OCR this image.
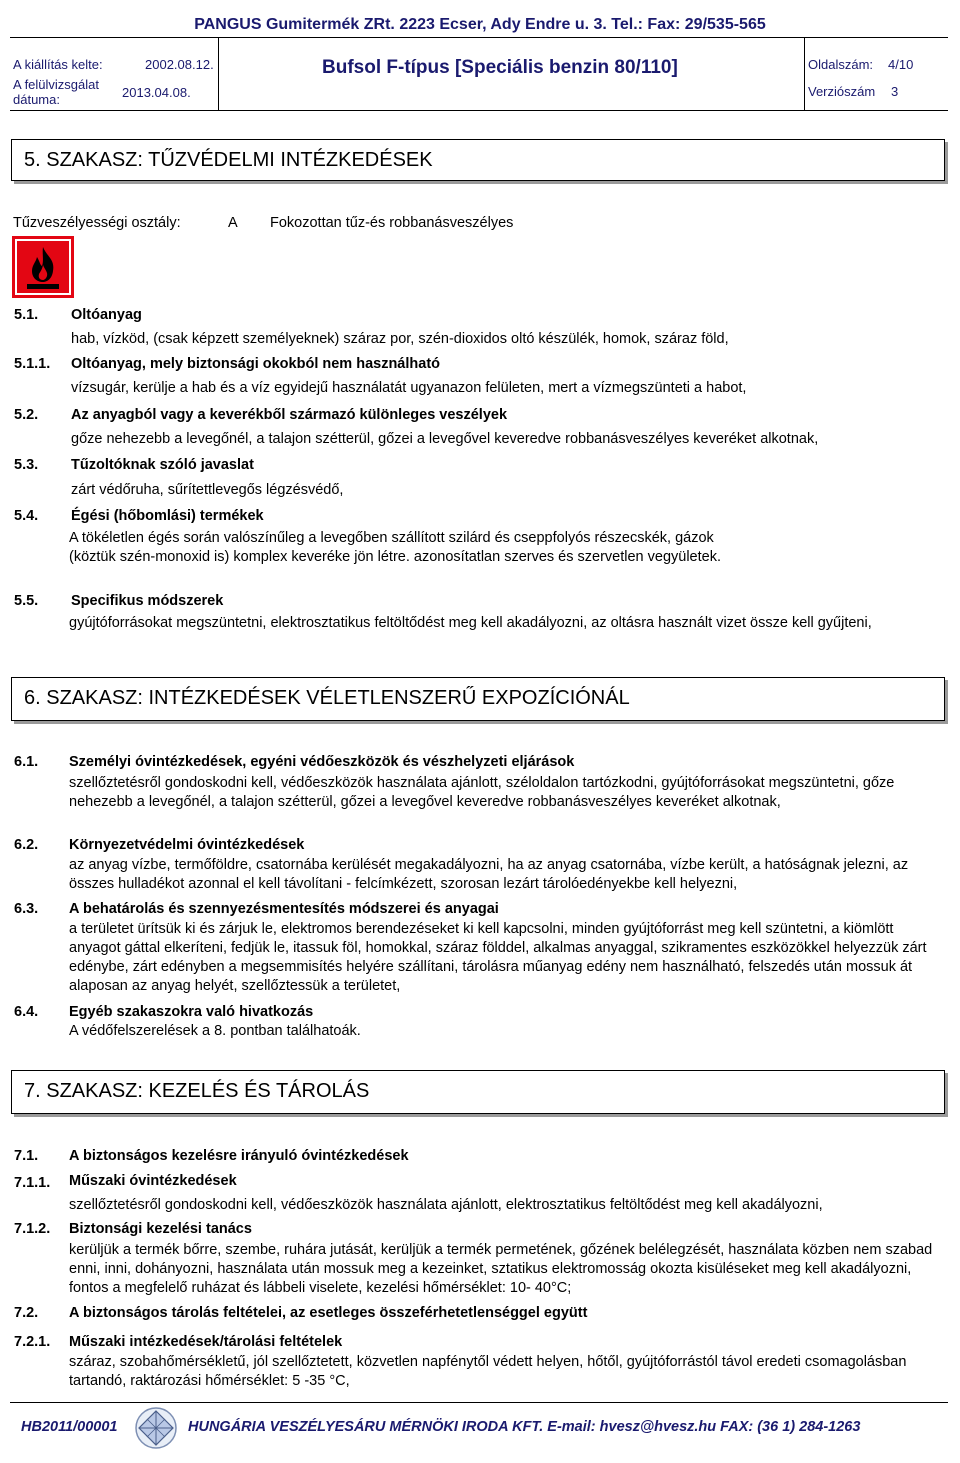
PANGUS Gumitermék ZRt. 2223 Ecser, Ady Endre u. 3. Tel.: Fax: 29/535-565
A kiállítás kelte:	2002.08.12.
A felülvizsgálat
dátuma:	2013.04.08.
Bufsol F-típus [Speciális benzin 80/110]	Oldalszám: 4/10
Verziószám 3
5. SZAKASZ: TŰZVÉDELMI INTÉZKEDÉSEK
Tűzveszélyességi osztály:	A Fokozottan tűz-és robbanásveszélyes
5.1. Oltóanyag
hab, vízköd, (csak képzett személyeknek) száraz por, szén-dioxidos oltó készülék, homok, száraz föld,
5.1.1. Oltóanyag, mely biztonsági okokból nem használható
vízsugár, kerülje a hab és a víz egyidejű használatát ugyanazon felületen, mert a vízmegszünteti a habot,
5.2. Az anyagból vagy a keverékből származó különleges veszélyek
gőze nehezebb a levegőnél, a talajon szétterül, gőzei a levegővel keveredve robbanásveszélyes keveréket alkotnak,
5.3. Tűzoltóknak szóló javaslat
zárt védőruha, sűrítettlevegős légzésvédő,
5.4. Égési (hőbomlási) termékek
A tökéletlen égés során valószínűleg a levegőben szállított szilárd és cseppfolyós részecskék, gázok (köztük szén-monoxid is) komplex keveréke jön létre. azonosítatlan szerves és szervetlen vegyületek.
5.5. Specifikus módszerek
gyújtóforrásokat megszüntetni, elektrosztatikus feltöltődést meg kell akadályozni, az oltásra használt vizet össze kell gyűjteni,
6. SZAKASZ: INTÉZKEDÉSEK VÉLETLENSZERŰ EXPOZÍCIÓNÁL
6.1. Személyi óvintézkedések, egyéni védőeszközök és vészhelyzeti eljárások
szellőztetésről gondoskodni kell, védőeszközök használata ajánlott, széloldalon tartózkodni, gyújtóforrásokat megszüntetni, gőze nehezebb a levegőnél, a talajon szétterül, gőzei a levegővel keveredve robbanásveszélyes keveréket alkotnak,
6.2. Környezetvédelmi óvintézkedések
az anyag vízbe, termőföldre, csatornába kerülését megakadályozni, ha az anyag csatornába, vízbe került, a hatóságnak jelezni, az összes hulladékot azonnal el kell távolítani - felcímkézett, szorosan lezárt tárolóedényekbe kell helyezni,
6.3. A behatárolás és szennyezésmentesítés módszerei és anyagai
a területet ürítsük ki és zárjuk le, elektromos berendezéseket ki kell kapcsolni, minden gyújtóforrást meg kell szüntetni, a kiömlött anyagot gáttal elkeríteni, fedjük le, itassuk föl, homokkal, száraz földdel, alkalmas anyaggal, szikramentes eszközökkel helyezzük zárt edénybe, zárt edényben a megsemmisítés helyére szállítani, tárolásra műanyag edény nem használható, felszedés után mossuk át alaposan az anyag helyét, szellőztessük a területet,
6.4. Egyéb szakaszokra való hivatkozás
A védőfelszerelések a 8. pontban találhatoák.
7. SZAKASZ: KEZELÉS ÉS TÁROLÁS
7.1. A biztonságos kezelésre irányuló óvintézkedések
7.1.1. Műszaki óvintézkedések
szellőztetésről gondoskodni kell, védőeszközök használata ajánlott, elektrosztatikus feltöltődést meg kell akadályozni,
7.1.2. Biztonsági kezelési tanács
kerüljük a termék bőrre, szembe, ruhára jutását, kerüljük a termék permetének, gőzének belélegzését, használata közben nem szabad enni, inni, dohányozni, használata után mossuk meg a kezeinket, sztatikus elektromosság okozta kisüléseket meg kell akadályozni, fontos a megfelelő ruházat és lábbeli viselete, kezelési hőmérséklet: 10- 40°C;
7.2. A biztonságos tárolás feltételei, az esetleges összeférhetetlenséggel együtt
7.2.1. Műszaki intézkedések/tárolási feltételek
száraz, szobahőmérsékletű, jól szellőztetett, közvetlen napfénytől védett helyen, hőtől, gyújtóforrástól távol eredeti csomagolásban tartandó, raktározási hőmérséklet: 5 -35 °C,
HB2011/00001	HUNGÁRIA VESZÉLYESÁRU MÉRNÖKI IRODA KFT. E-mail: hvesz@hvesz.hu FAX: (36 1) 284-1263
